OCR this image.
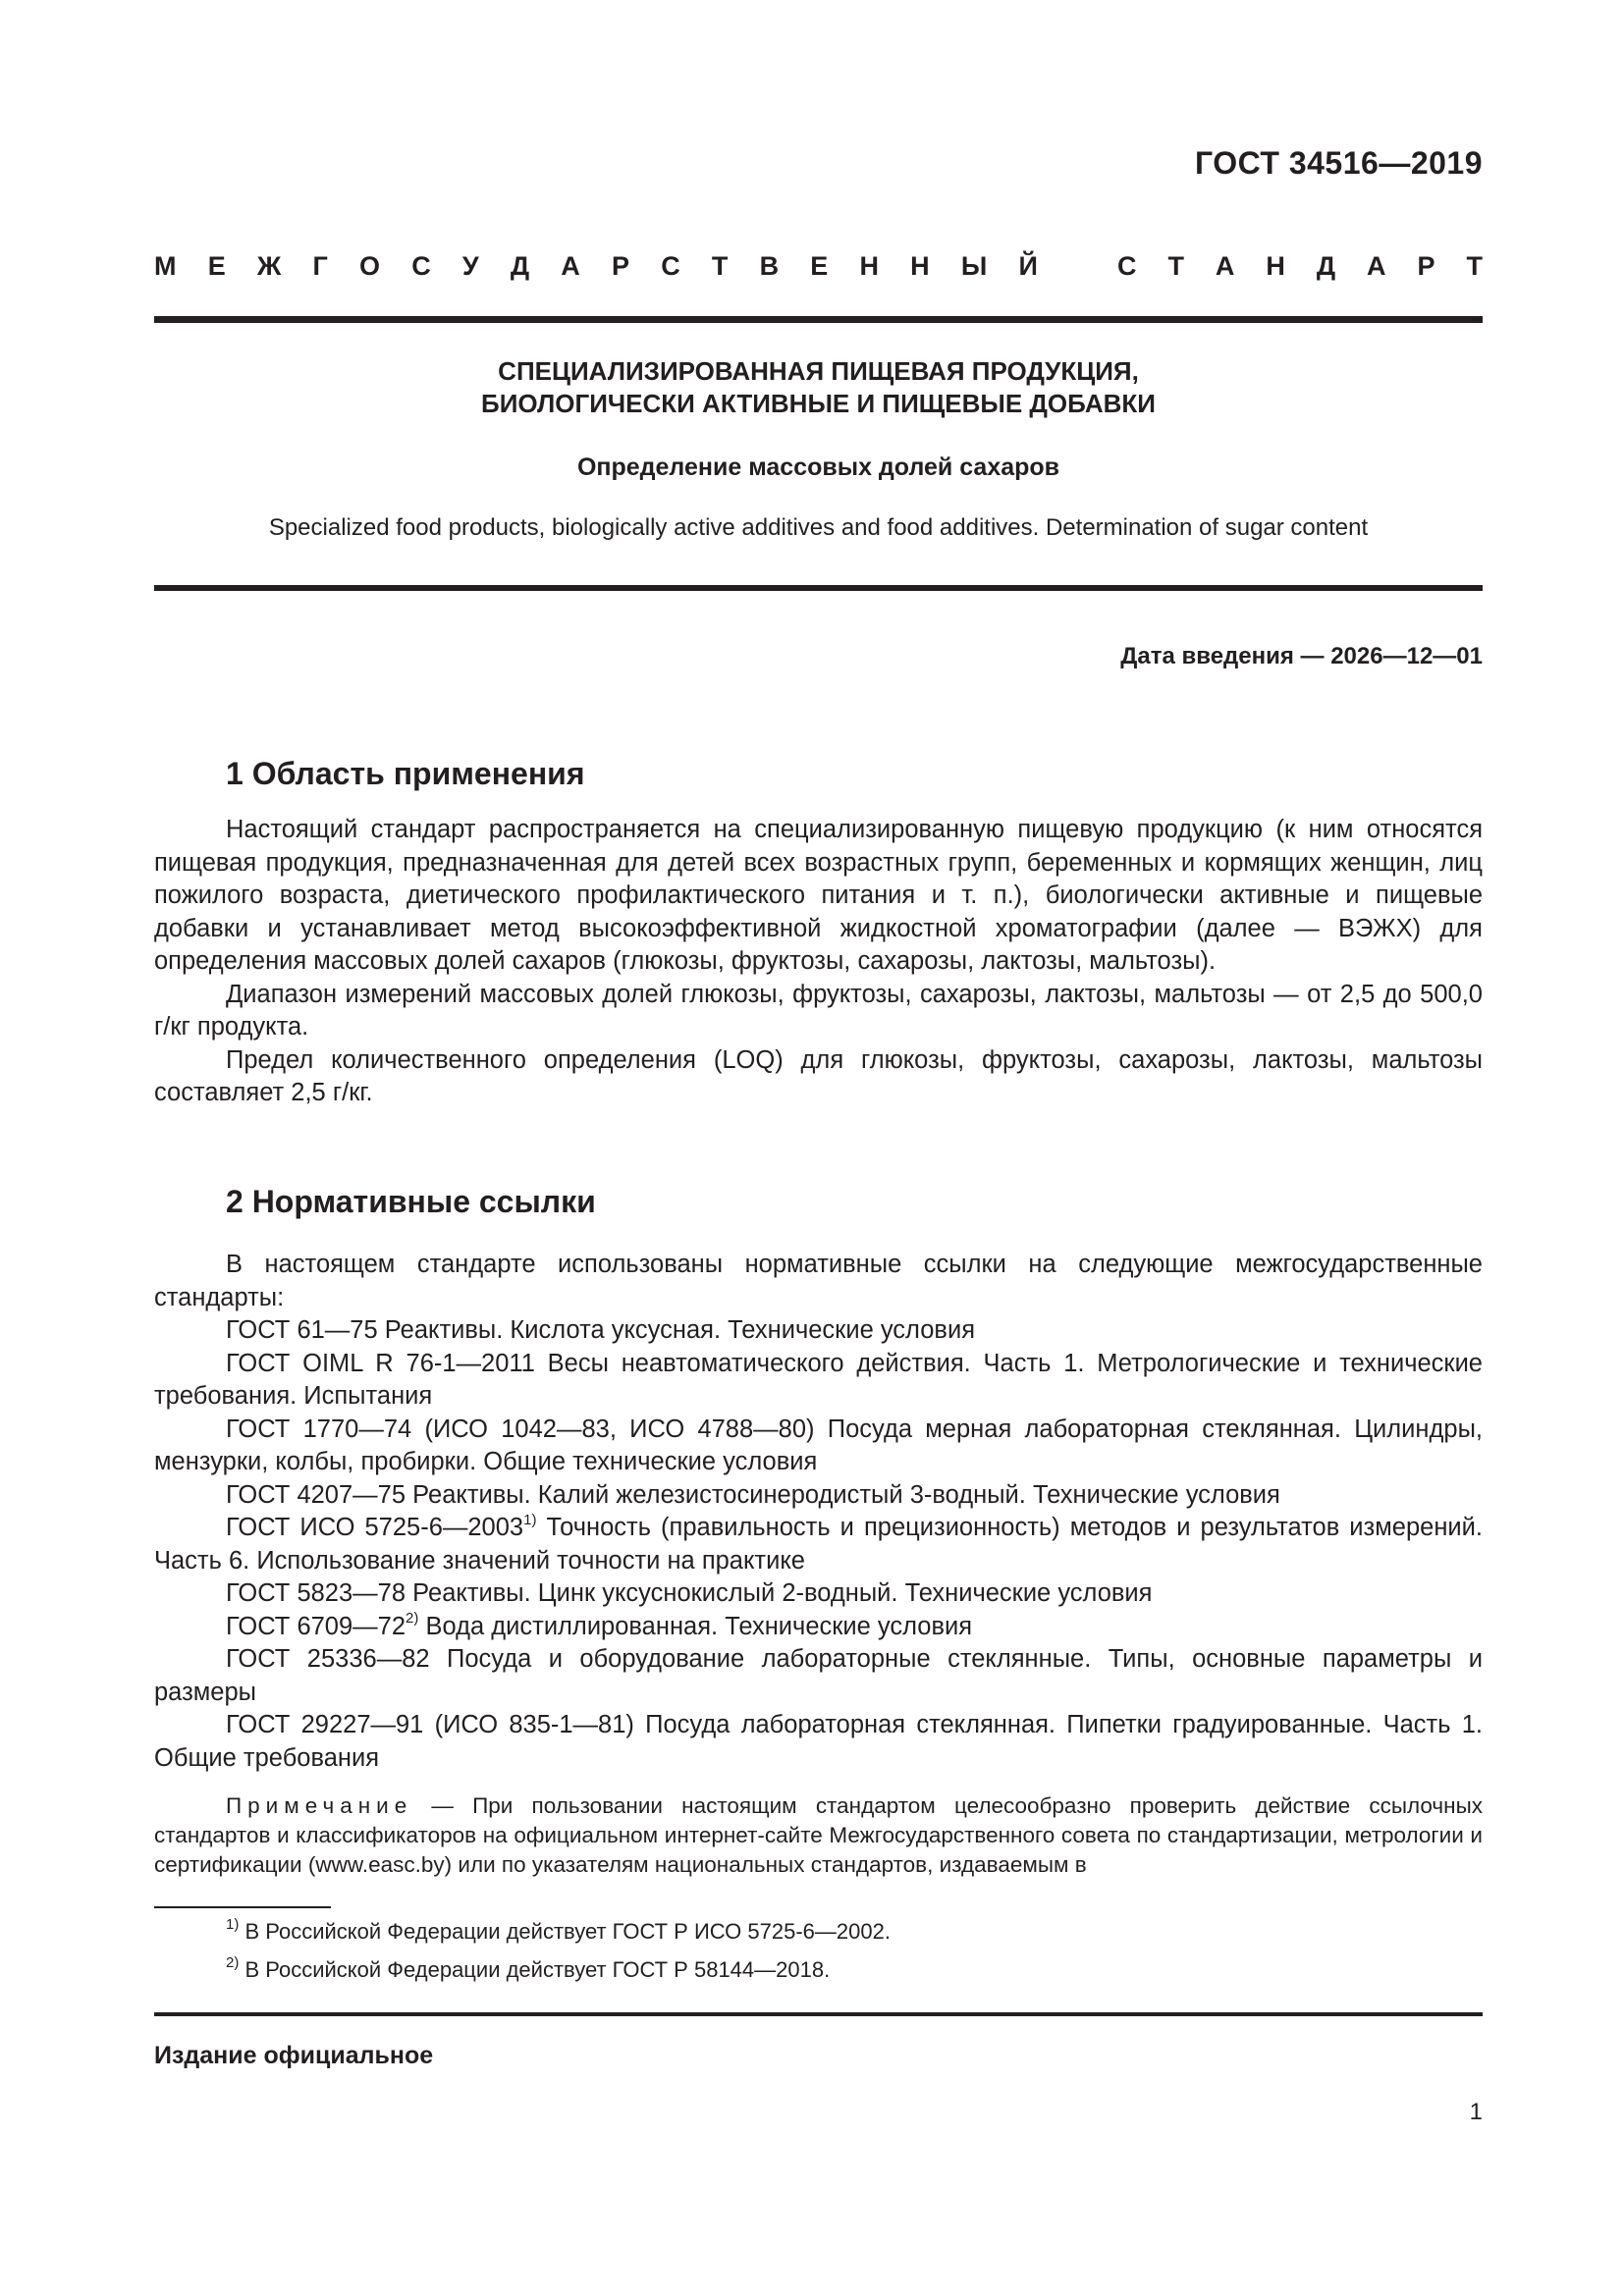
ГОСТ 34516—2019
М Е Ж Г О С У Д А Р С Т В Е Н Н Ы Й	С Т А Н Д А Р Т
СПЕЦИАЛИЗИРОВАННАЯ ПИЩЕВАЯ ПРОДУКЦИЯ,
БИОЛОГИЧЕСКИ АКТИВНЫЕ И ПИЩЕВЫЕ ДОБАВКИ
Определение массовых долей сахаров
Specialized food products, biologically active additives and food additives. Determination of sugar content
Дата введения — 2026—12—01
1 Область применения

Настоящий стандарт распространяется на специализированную пищевую продукцию (к ним относятся пищевая продукция, предназначенная для детей всех возрастных групп, беременных и кормящих женщин, лиц пожилого возраста, диетического профилактического питания и т. п.), биологически активные и пищевые добавки и устанавливает метод высокоэффективной жидкостной хроматографии (далее — ВЭЖХ) для определения массовых долей сахаров (глюкозы, фруктозы, сахарозы, лактозы, мальтозы).

Диапазон измерений массовых долей глюкозы, фруктозы, сахарозы, лактозы, мальтозы — от 2,5 до 500,0 г/кг продукта.

Предел количественного определения (LOQ) для глюкозы, фруктозы, сахарозы, лактозы, мальтозы составляет 2,5 г/кг.

2 Нормативные ссылки

В настоящем стандарте использованы нормативные ссылки на следующие межгосударственные стандарты:

ГОСТ 61—75 Реактивы. Кислота уксусная. Технические условия

ГОСТ OIML R 76-1—2011 Весы неавтоматического действия. Часть 1. Метрологические и технические требования. Испытания

ГОСТ 1770—74 (ИСО 1042—83, ИСО 4788—80) Посуда мерная лабораторная стеклянная. Цилиндры, мензурки, колбы, пробирки. Общие технические условия

ГОСТ 4207—75 Реактивы. Калий железистосинеродистый 3-водный. Технические условия

ГОСТ ИСО 5725-6—2003$^{1)}$ Точность (правильность и прецизионность) методов и результатов измерений. Часть 6. Использование значений точности на практике

ГОСТ 5823—78 Реактивы. Цинк уксуснокислый 2-водный. Технические условия

ГОСТ 6709—72$^{2)}$ Вода дистиллированная. Технические условия

ГОСТ 25336—82 Посуда и оборудование лабораторные стеклянные. Типы, основные параметры и размеры

ГОСТ 29227—91 (ИСО 835-1—81) Посуда лабораторная стеклянная. Пипетки градуированные. Часть 1. Общие требования

Примечание — При пользовании настоящим стандартом целесообразно проверить действие ссылочных стандартов и классификаторов на официальном интернет-сайте Межгосударственного совета по стандартизации, метрологии и сертификации (www.easc.by) или по указателям национальных стандартов, издаваемым в

$^{1)}$ В Российской Федерации действует ГОСТ Р ИСО 5725-6—2002.
$^{2)}$ В Российской Федерации действует ГОСТ Р 58144—2018.
Издание официальное
1
